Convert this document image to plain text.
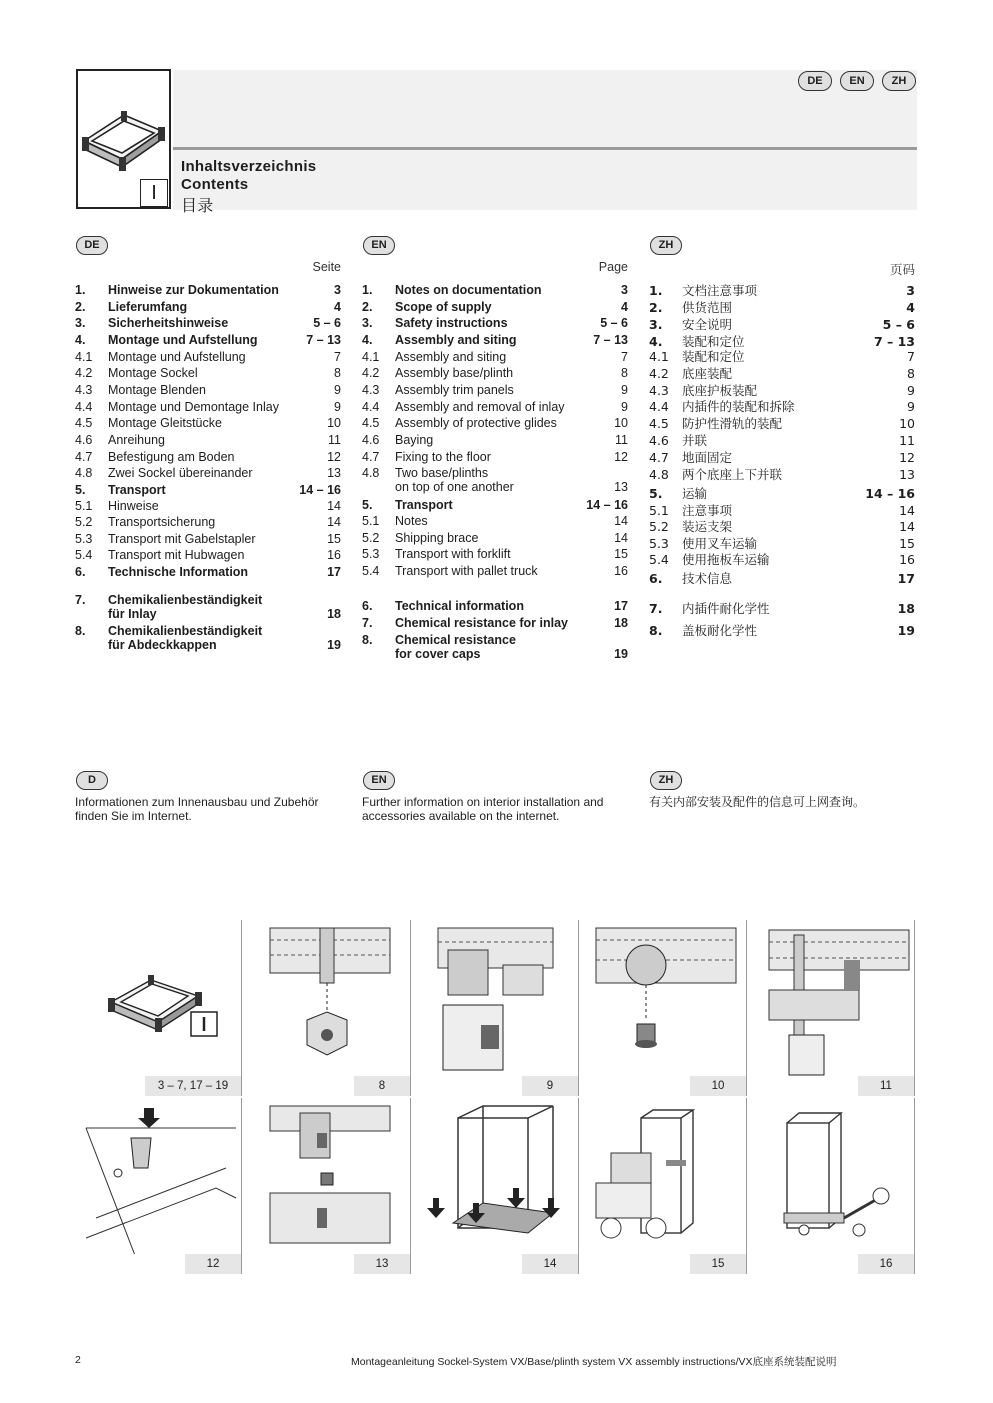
I
DE	EN	ZH
Inhaltsverzeichnis
Contents
目录
DE
Seite
1. Hinweise zur Dokumentation	3
2. Lieferumfang	4
3. Sicherheitshinweise	5 – 6
4. Montage und Aufstellung	7 – 13
4.1 Montage und Aufstellung	7
4.2 Montage Sockel	8
4.3 Montage Blenden	9
4.4 Montage und Demontage Inlay	9
4.5 Montage Gleitstücke	10
4.6 Anreihung	11
4.7 Befestigung am Boden	12
4.8 Zwei Sockel übereinander	13
5. Transport	14 – 16
5.1 Hinweise	14
5.2 Transportsicherung	14
5.3 Transport mit Gabelstapler	15
5.4 Transport mit Hubwagen	16
6. Technische Information	17
7. Chemikalienbeständigkeit
für Inlay	18
8. Chemikalienbeständigkeit
für Abdeckkappen	19
EN
Page
1. Notes on documentation	3
2. Scope of supply	4
3. Safety instructions	5 – 6
4. Assembly and siting	7 – 13
4.1 Assembly and siting	7
4.2 Assembly base/plinth	8
4.3 Assembly trim panels	9
4.4 Assembly and removal of inlay	9
4.5 Assembly of protective glides	10
4.6 Baying	11
4.7 Fixing to the floor	12
4.8 Two base/plinths
on top of one another	13
5. Transport	14 – 16
5.1 Notes	14
5.2 Shipping brace	14
5.3 Transport with forklift	15
5.4 Transport with pallet truck	16
6. Technical information	17
7. Chemical resistance for inlay	18
8. Chemical resistance
for cover caps	19
ZH
页码
1. 文档注意事项	3
2. 供货范围	4
3. 安全说明	5 – 6
4. 装配和定位	7 – 13
4.1 装配和定位	7
4.2 底座装配	8
4.3 底座护板装配	9
4.4 内插件的装配和拆除	9
4.5 防护性滑轨的装配	10
4.6 并联	11
4.7 地面固定	12
4.8 两个底座上下并联	13
5. 运输	14 – 16
5.1 注意事项	14
5.2 装运支架	14
5.3 使用叉车运输	15
5.4 使用拖板车运输	16
6. 技术信息	17
7. 内插件耐化学性	18
8. 盖板耐化学性	19
D
Informationen zum Innenausbau und Zubehör
finden Sie im Internet.
EN
Further information on interior installation and
accessories available on the internet.
ZH
有关内部安装及配件的信息可上网查询。
3 – 7, 17 – 19	8	9	10	11
12	13	14	15	16
2	Montageanleitung Sockel-System VX/Base/plinth system VX assembly instructions/VX底座系统装配说明
